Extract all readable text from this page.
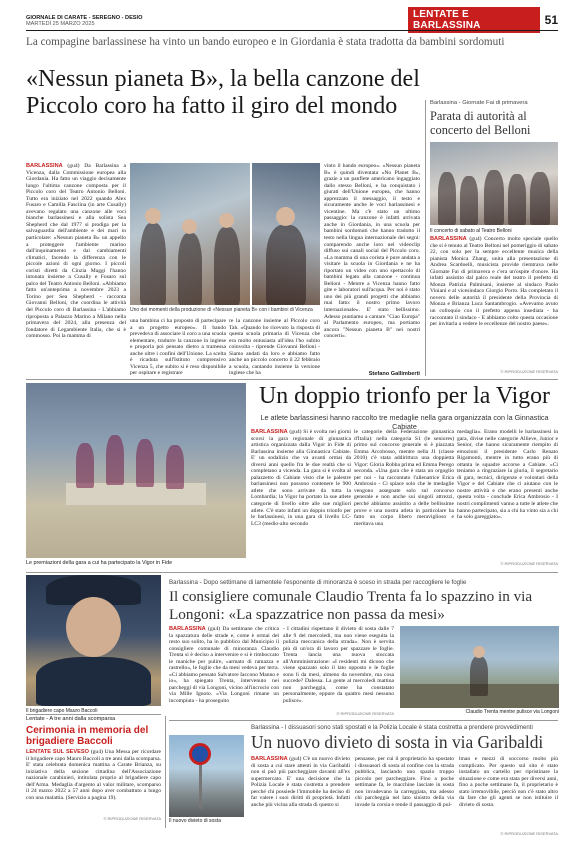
GIORNALE DI CARATE - SEREGNO - DESIO
MARTEDÌ 25 MARZO 2025
LENTATE E BARLASSINA	51
La compagine barlassinese ha vinto un bando europeo e in Giordania è stata tradotta da bambini sordomuti
«Nessun pianeta B», la bella canzone del Piccolo coro ha fatto il giro del mondo
BARLASSINA (gu4) Da Barlassina a Vicenza, dalla Commissione europea alla Giordania. Ha fatto un viaggio decisamente lungo l'ultima canzone composta per il Piccolo coro del Teatro Antonio Belloni. Tutto era iniziato nel 2022 quando Alex Fusaro e Camilla Fasciina (in arte Cusally) avevano regalato una canzone alle voci bianche barlassinesi e alla solista Sea Shepherd che dal 1977 si prodiga per la salvaguardia dell'ambiente e dei mari in particolare: «Nessun pianeta B» un appello a proteggere l'ambiente marino dall'inquinamento e dai cambiamenti climatici, facendo la differenza con le piccole azioni di ogni giorno. I piccoli coristi diretti da Cinzia Maggi l'hanno intonata insieme a Cusally e Fusaro sul palco del Teatro Antonio Belloni. «Abbiamo fatto un'anteprima a novembre 2023 a Torino per Sea Shepherd - racconta Giovanni Belloni, che coordina le attività del Piccolo coro di Barlassina - L'abbiamo riproposta a Palazzo Marino a Milano nella primavera del 2024, alla presenza del fondatore di Legambiente Italia, che si è commosso. Poi la mamma di
Uno dei momenti della produzione di «Nessun pianeta B» con i bambini di Vicenza
una bambina ci ha proposto di partecipare a un progetto europeo». Il bando prevedeva di associare il coro a una scuola elementare, tradurre la canzone in inglese e proporla poi pensato dietro a tramessa anche oltre i confini dell'Unione. La scelta è ricaduta sull'Istituto comprensivo Vicenza 5, che subito si è reso disponibile per ospitare e registrare
re la canzone insieme al Piccolo coro Tah. «Quando ho ricevuto la risposta di questa scuola primaria di Vicenza che era molto entusiasta all'idea l'ho subito coinvolta - riprende Giovanni Belloni - Siamo andati da loro e abbiamo fatto anche un piccolo concerto il 22 febbraio a scuola, cantando insieme la versione inglese che ha
vinto il bando europeo». «Nessun pianeta B» è quindi diventata «No Planet B», grazie a un panflete americano ingaggiato dallo stesso Belloni, e ha conquistato i giurati dell'Unione europea, che hanno apprezzato il messaggio, il testo e sicuramente anche le voci barlassinesi e vicentine. Ma c'è stato un ultimo passaggio: la canzone è infatti arrivata anche in Giordania, in una scuola per bambini sordomuti che hanno tradotto il testo nella lingua internazionale dei segni: comparendo anche loro nel videoclip diffuso sui canali social del Piccolo coro. «La mamma di una corista è pure andata a visitare la scuola in Giordania e ne ha riportato un video con uno spettacolo di bambini legato alla canzone - continua Belloni - Mentre a Vicenza hanno fatto gite e laboratori sull'acqua. Per noi è stato uno dei più grandi progetti che abbiamo mai fatto: il nostro primo lavoro internazionale». E' stato bellissimo. Adesso puntiamo a cantare "Ciao Europa" al Parlamento europeo, ma portiamo ancora "Nessun pianeta B" nei nostri concerti».
Stefano Gallimberti
Barlassina - Giornate Fai di primavera
Parata di autorità al concerto del Belloni
Il concerto di sabato al Teatro Belloni
BARLASSINA (gu4) Concerto molto speciale quello che si è tenuto al Teatro Belloni nel pomeriggio di sabato 22, con solo per la sempre eccellente musica della pianista Monica Zhang, unita alla presentazione di Andrea Scardoelli, musicista provide riemtrava nelle Giornate Fai di primavera e c'era un'ospite d'onore. Ha infatti assistito dal palco reale del teatro il prefetto di Monza Patrizia Palmisani, insieme al sindaco Paolo Viniani e al vicesindaco Giorgio Porro. Ha completato il novero delle autorità il presidente della Provincia di Monza e Brianza Luca Santambrogio. «Avevamo avuto un colloquio con il prefetto appena insediata - ha raccontato il sindaco - E abbiamo colto questa occasione per invitarla a vedere le eccellenze del nostro paese».
© RIPRODUZIONE RISERVATA
Le premiazioni della gara a cui ha partecipato la Vigor in Fide
Un doppio trionfo per la Vigor
Le atlete barlassinesi hanno raccolto tre medaglie nella gara organizzata con la Ginnastica Cabiate
BARLASSINA (gu4) Si è svolta nei giorni scorsi la gara regionale di ginnastica artistica organizzata dalla Vigor in Fide di Barlassina insieme alla Ginnastica Cabiate. E' un sodalizio che va avanti ormai da diversi anni quello fra le due realtà che si completano a vicenda. La gara si è svolta al palazzetto di Cabiate visto che le palestre barlassinesi non possono contenere le 900 atlete che sono arrivate da tutta la Lombardia; la Vigor ha portato la sue atlete categorie di livello oltre alle sue migliori atlete. C'è stato infatti un doppio trionfo per le barlassinesi, in una gara di livello LC-LC3 (medio-alto secondo
le categorie della Federazione ginnastica d'Italia): nella categoria S1 (le seniores) primo sul concorso generale si è piazzata Emma Arcobosso, mentre nella J1 (classe 2010) c'è stata addirittura una doppietta Vigor: Gloria Robba prima ed Emma Perego seconda. «Una gara che è stata un orgoglio per noi - ha raccontato l'allenatrice Erica Ambrosio - Ci spiace solo che le medaglie vengono assegnate solo sul concorso generale e non anche sui singoli attrezzi, perché abbiamo assistito a delle bellissime prove e una nostra atleta in particolare ha fatto un corpo libero meraviglioso e meritava una
medaglia». Erano modelli le barlassinesi in gara, divise nelle categorie Allieve, Junior e Senior, che hanno sicuramente riempito di emozioni il presidente Carlo Renato Rigamonti, mentre in tutto erano più di ottanta le squadre accorse a Cabiate. «Ci teniamo a ringraziare la giuria, il segretario di gara, tecnici, dirigenze e volontari della Vigor e del Cabiate che ci aiutano con le nostre attività e che erano presenti anche questa volta - conclude Erica Ambrosio - I nostri complimenti vanno a tutte le atlete che hanno partecipato, sia a chi ha vinto sia a chi ha solo gareggiato».
© RIPRODUZIONE RISERVATA
Il brigadiere capo Mauro Baccoli
Barlassina - Dopo settimane di lamentele l'esponente di minoranza è sceso in strada per raccogliere le foglie
Il consigliere comunale Claudio Trenta fa lo spazzino in via Longoni: «La spazzatrice non passa da mesi»
BARLASSINA (gu4) Da settimane che critica la spazzatura delle strade e, come è ormai del resto suo solito, ha in pubblico dal Municipio il consigliere comunale di minoranza Claudio Trenta si è deciso a intervenire e si è rimboccato le maniche per pulire, «armato di ramazza e rastrello», le foglie che da mesi vedeva per terra. «Ci abbiamo pensato Salvatore Iaccono Manno e io», ha spiegato Trenta, intervenuto nei parcheggi di via Longoni, vicino all'incrocio con via Mille Ignoto. «Via Longoni rimane un incompiuta - ha proseguito
- I cittadini rispettano il divieto di sosta dalle 7 alle 9 del mercoledì, ma non viene eseguita la pulizia meccanica della strada». Non è servita più di un'ora di lavoro per spazzare le foglie. Trenta lancia una nuova stoccata all'Amministrazione: «I residenti mi dicono che viene spazzato solo il lato opposto e le foglie sono lì da mesi, almeno da novembre, ma cosa succede? Dalessa. La gente al mercoledì mattina non parcheggia, come ha constatato personalmente, eppure da quattro mesi nessuno pulisce».
© RIPRODUZIONE RISERVATA	Claudio Trenta mentre pulisce via Longoni
Lentate - A tre anni dalla scomparsa
Cerimonia in memoria del brigadiere Baccoli
LENTATE SUL SEVESO (gu4) Una Messa per ricordare il brigadiere capo Mauro Baccoli a tre anni dalla scomparsa. E' stata celebrata domenica mattina a Carate Brianza, su iniziativa della sezione cittadina dell'Associazione nazionale carabinieri, intitolata proprio al brigadiere capo dell'Arma. Medaglia d'argento al valor militare, scomparso il 24 marzo 2022 a 57 anni dopo aver combattuto a lungo con una malattia. (Servizio a pagina 19).
© RIPRODUZIONE RISERVATA
Barlassina - I dissuasori sono stati spostati e la Polizia Locale è stata costretta a prendere provvedimenti
Un nuovo divieto di sosta in via Garibaldi
Il nuovo divieto di sosta
BARLASSINA (gu4) C'è un nuovo divieto di sosta a cui stare attenti in via Garibaldi non si può più parcheggiare davanti all'ex supermercato. E' una decisione che la Polizia Locale è stata costretta a prendere perché chi possiede l'immobile ha deciso di far valere i suoi diritti di proprietà. Infatti anche più vicina alla strada di questo si
pensasse, per cui il proprietario ha spostato i dissuasori di sosta al confine con la strada pubblica, lasciando uno spazio troppo piccolo per parcheggiare. Fino a poche settimane fa, le macchine lasciate in sosta non invadevano la carreggiata, ma adesso chi parcheggia nel lato sinistro della via invade la corsia e rende il passaggio di pul-
lman e mezzi di soccorso molto più complicato. Per questo sul sito è stato installato un cartello per ripristinare la situazione e come era stata per diversi anni, fino a poche settimane fa, il proprietario è stato irremovibile, perciò non c'è stato altro da fare che gli agenti se non istituire il divieto di sosta.
© RIPRODUZIONE RISERVATA
